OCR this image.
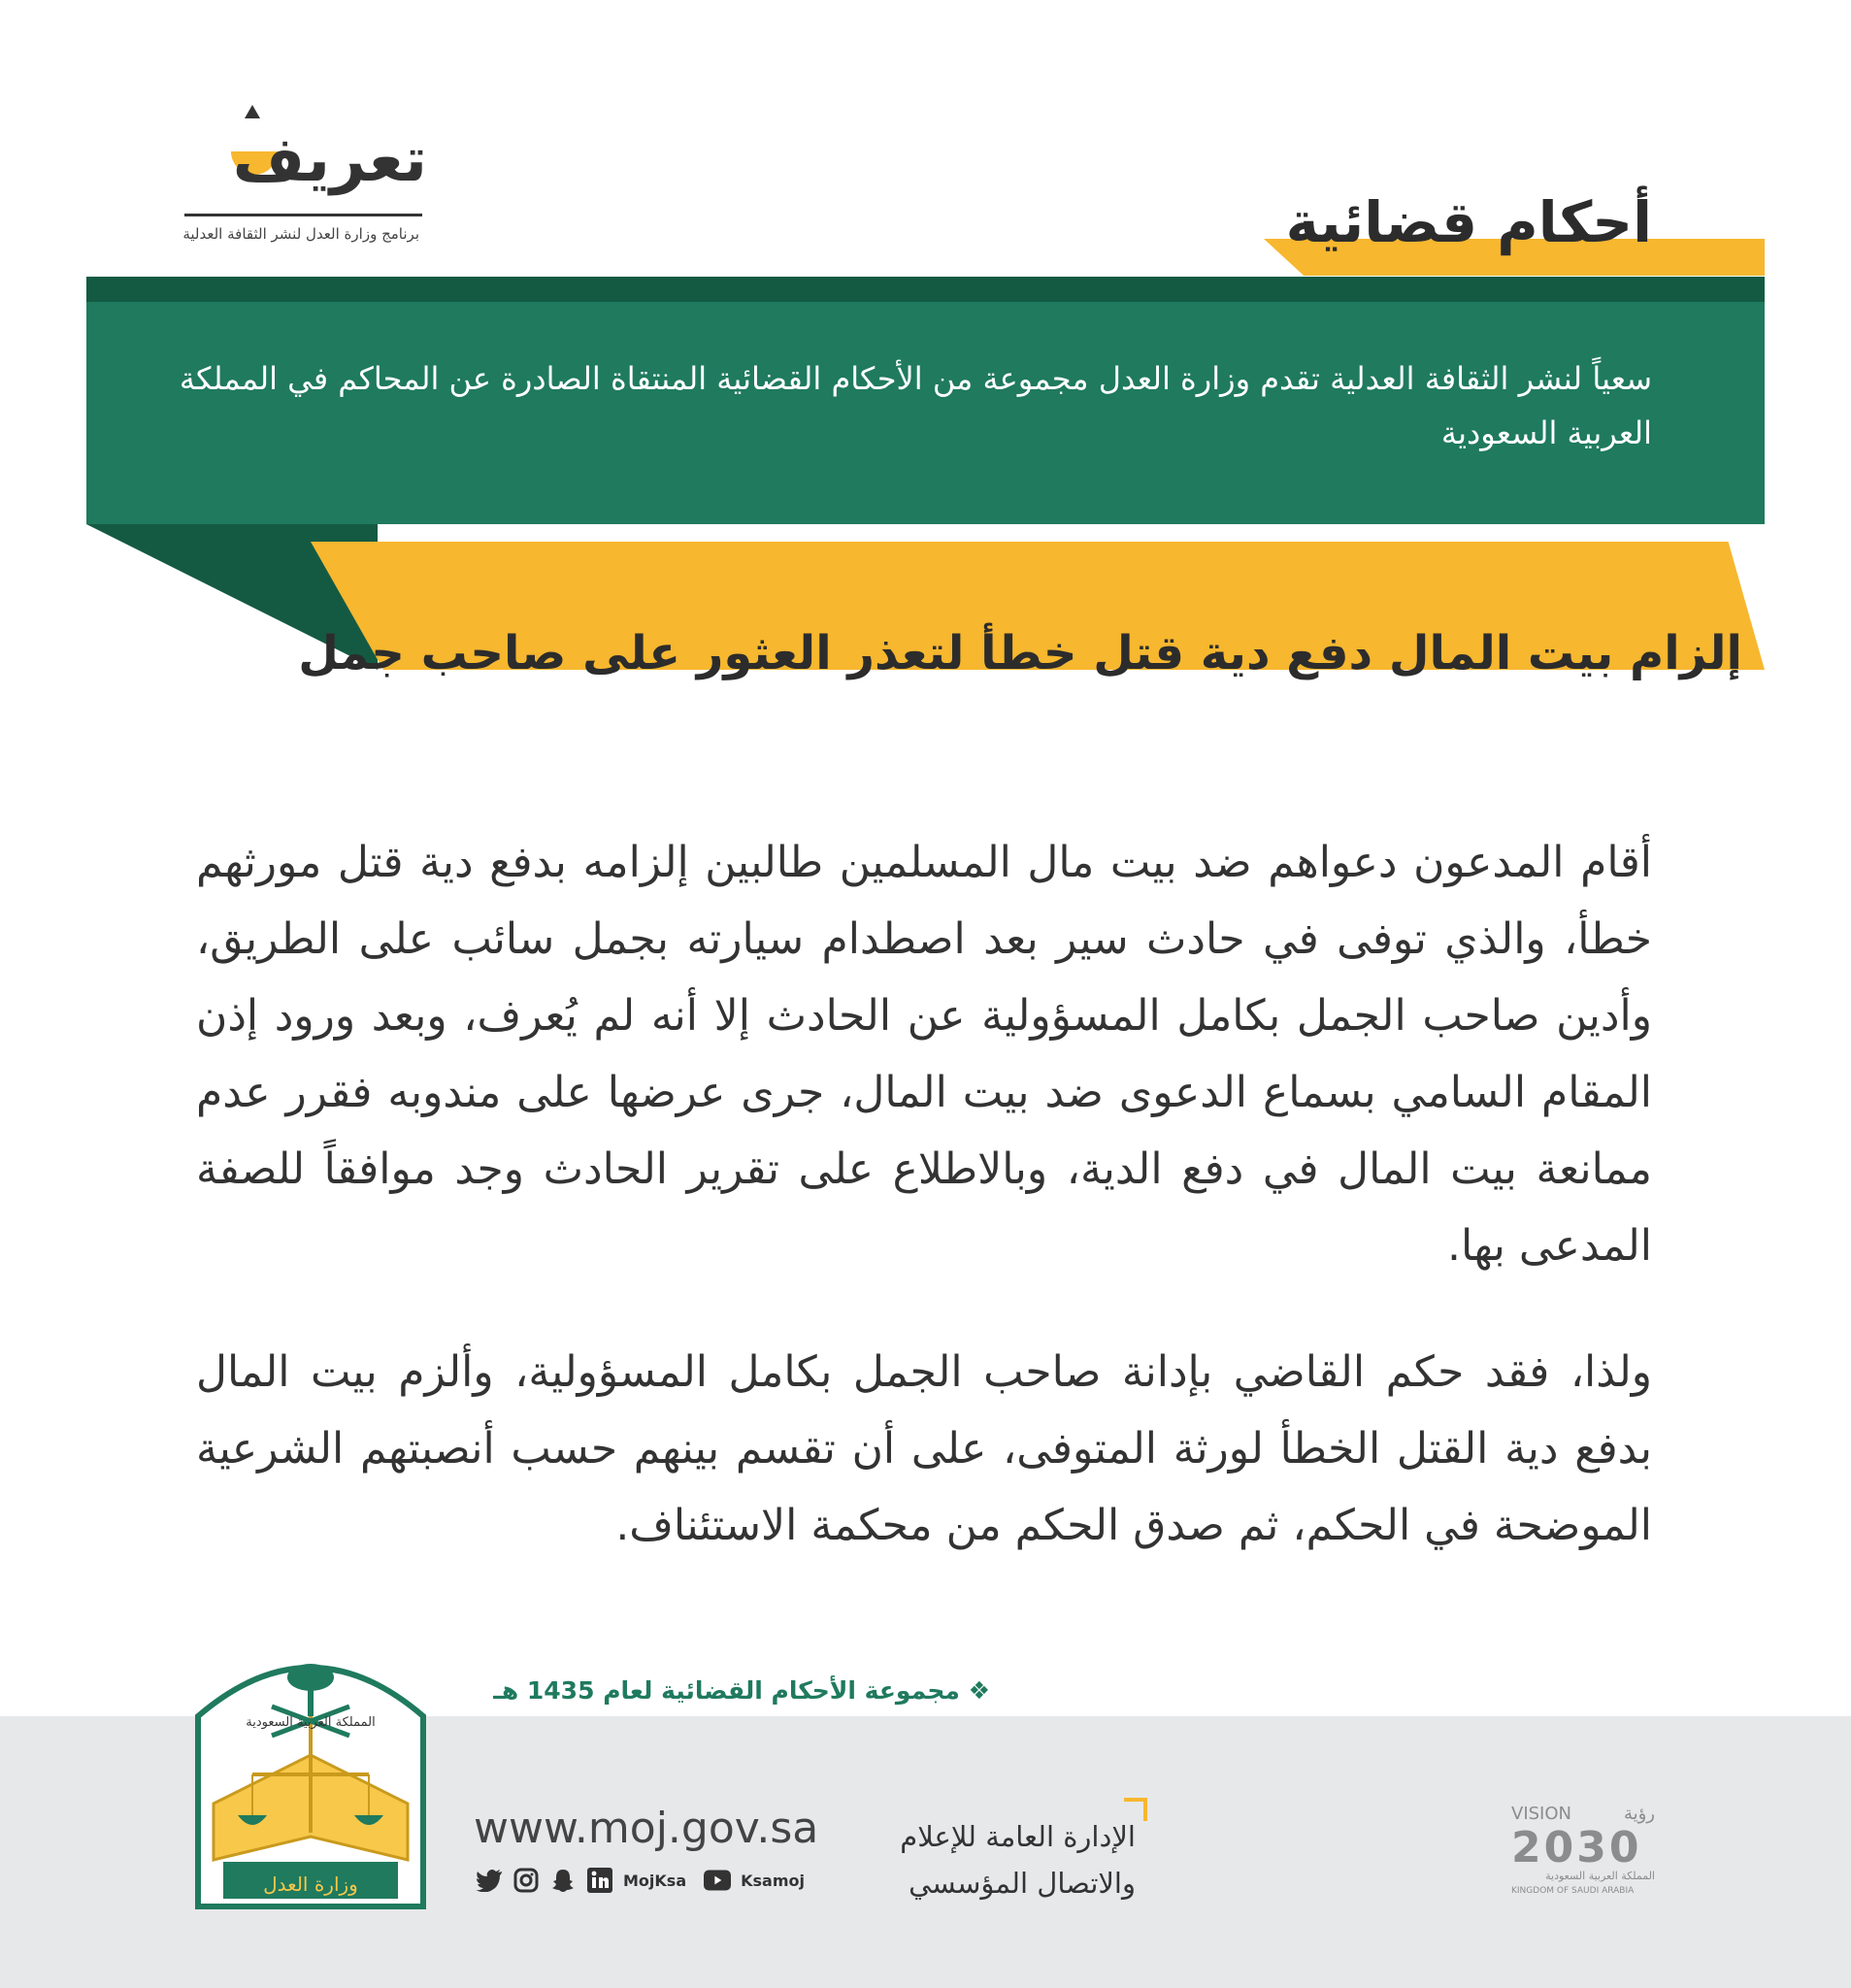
تعريف
برنامج وزارة العدل لنشر الثقافة العدلية	أحكام قضائية
سعياً لنشر الثقافة العدلية تقدم وزارة العدل مجموعة من الأحكام القضائية المنتقاة الصادرة عن المحاكم في المملكة العربية السعودية
إلزام بيت المال دفع دية قتل خطأ لتعذر العثور على صاحب جمل

أقام المدعون دعواهم ضد بيت مال المسلمين طالبين إلزامه بدفع دية قتل مورثهم خطأ، والذي توفى في حادث سير بعد اصطدام سيارته بجمل سائب على الطريق، وأدين صاحب الجمل بكامل المسؤولية عن الحادث إلا أنه لم يُعرف، وبعد ورود إذن المقام السامي بسماع الدعوى ضد بيت المال، جرى عرضها على مندوبه فقرر عدم ممانعة بيت المال في دفع الدية، وبالاطلاع على تقرير الحادث وجد موافقاً للصفة المدعى بها.

ولذا، فقد حكم القاضي بإدانة صاحب الجمل بكامل المسؤولية، وألزم بيت المال بدفع دية القتل الخطأ لورثة المتوفى، على أن تقسم بينهم حسب أنصبتهم الشرعية الموضحة في الحكم، ثم صدق الحكم من محكمة الاستئناف.

❖ مجموعة الأحكام القضائية لعام 1435 هـ
وزارة العدل
المملكة العربية السعودية
www.moj.gov.sa
MojKsa	Ksamoj
الإدارة العامة للإعلام
والاتصال المؤسسي
VISION	رؤية
2030
المملكة العربية السعودية
KINGDOM OF SAUDI ARABIA
